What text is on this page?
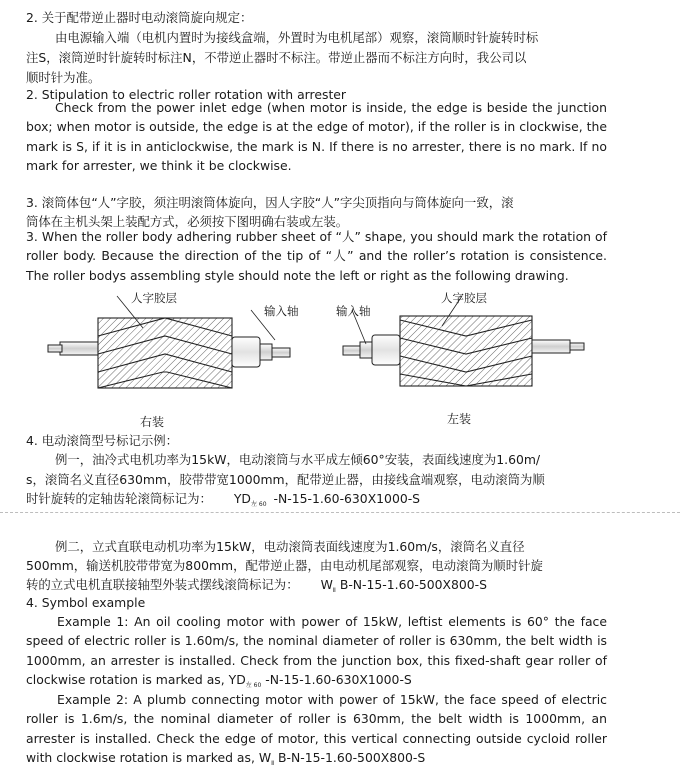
2. 关于配带逆止器时电动滚筒旋向规定：
由电源输入端（电机内置时为接线盒端，外置时为电机尾部）观察，滚筒顺时针旋转时标
注S，滚筒逆时针旋转时标注N，不带逆止器时不标注。带逆止器而不标注方向时，我公司以
顺时针为准。
2. Stipulation to electric roller rotation with arrester
Check from the power inlet edge (when motor is inside, the edge is beside the junction box; when motor is outside, the edge is at the edge of motor), if the roller is in clockwise, the mark is S, if it is in anticlockwise, the mark is N. If there is no arrester, there is no mark. If no mark for arrester, we think it be clockwise.
3. 滚筒体包“人”字胶，须注明滚筒体旋向，因人字胶“人”字尖顶指向与筒体旋向一致，滚
筒体在主机头架上装配方式，必须按下图明确右装或左装。
3. When the roller body adhering rubber sheet of “人” shape, you should mark the rotation of roller body. Because the direction of the tip of “人” and the roller’s rotation is consistence. The roller bodys assembling style should note the left or right as the following drawing.
人字胶层
输入轴	输入轴
人字胶层
右装	左装
4. 电动滚筒型号标记示例：
例一，油冷式电机功率为15kW，电动滚筒与水平成左倾60°安装，表面线速度为1.60m/
s，滚筒名义直径630mm，胶带带宽1000mm，配带逆止器，由接线盒端观察，电动滚筒为顺
时针旋转的定轴齿轮滚筒标记为： $YD_{左 60}$ -N-15-1.60-630X1000-S
例二，立式直联电动机功率为15kW，电动滚筒表面线速度为1.60m/s，滚筒名义直径
500mm，输送机胶带带宽为800mm，配带逆止器，由电动机尾部观察，电动滚筒为顺时针旋
转的立式电机直联接轴型外装式摆线滚筒标记为： $W_Ⅱ$ B-N-15-1.60-500X800-S
4. Symbol example
Example 1: An oil cooling motor with power of 15kW, leftist elements is 60° the face speed of electric roller is 1.60m/s, the nominal diameter of roller is 630mm, the belt width is 1000mm, an arrester is installed. Check from the junction box, this fixed-shaft gear roller of clockwise rotation is marked as, $YD_{左 60}$ -N-15-1.60-630X1000-S
Example 2: A plumb connecting motor with power of 15kW, the face speed of electric roller is 1.6m/s, the nominal diameter of roller is 630mm, the belt width is 1000mm, an arrester is installed. Check the edge of motor, this vertical connecting outside cycloid roller with clockwise rotation is marked as, $W_Ⅱ$ B-N-15-1.60-500X800-S
